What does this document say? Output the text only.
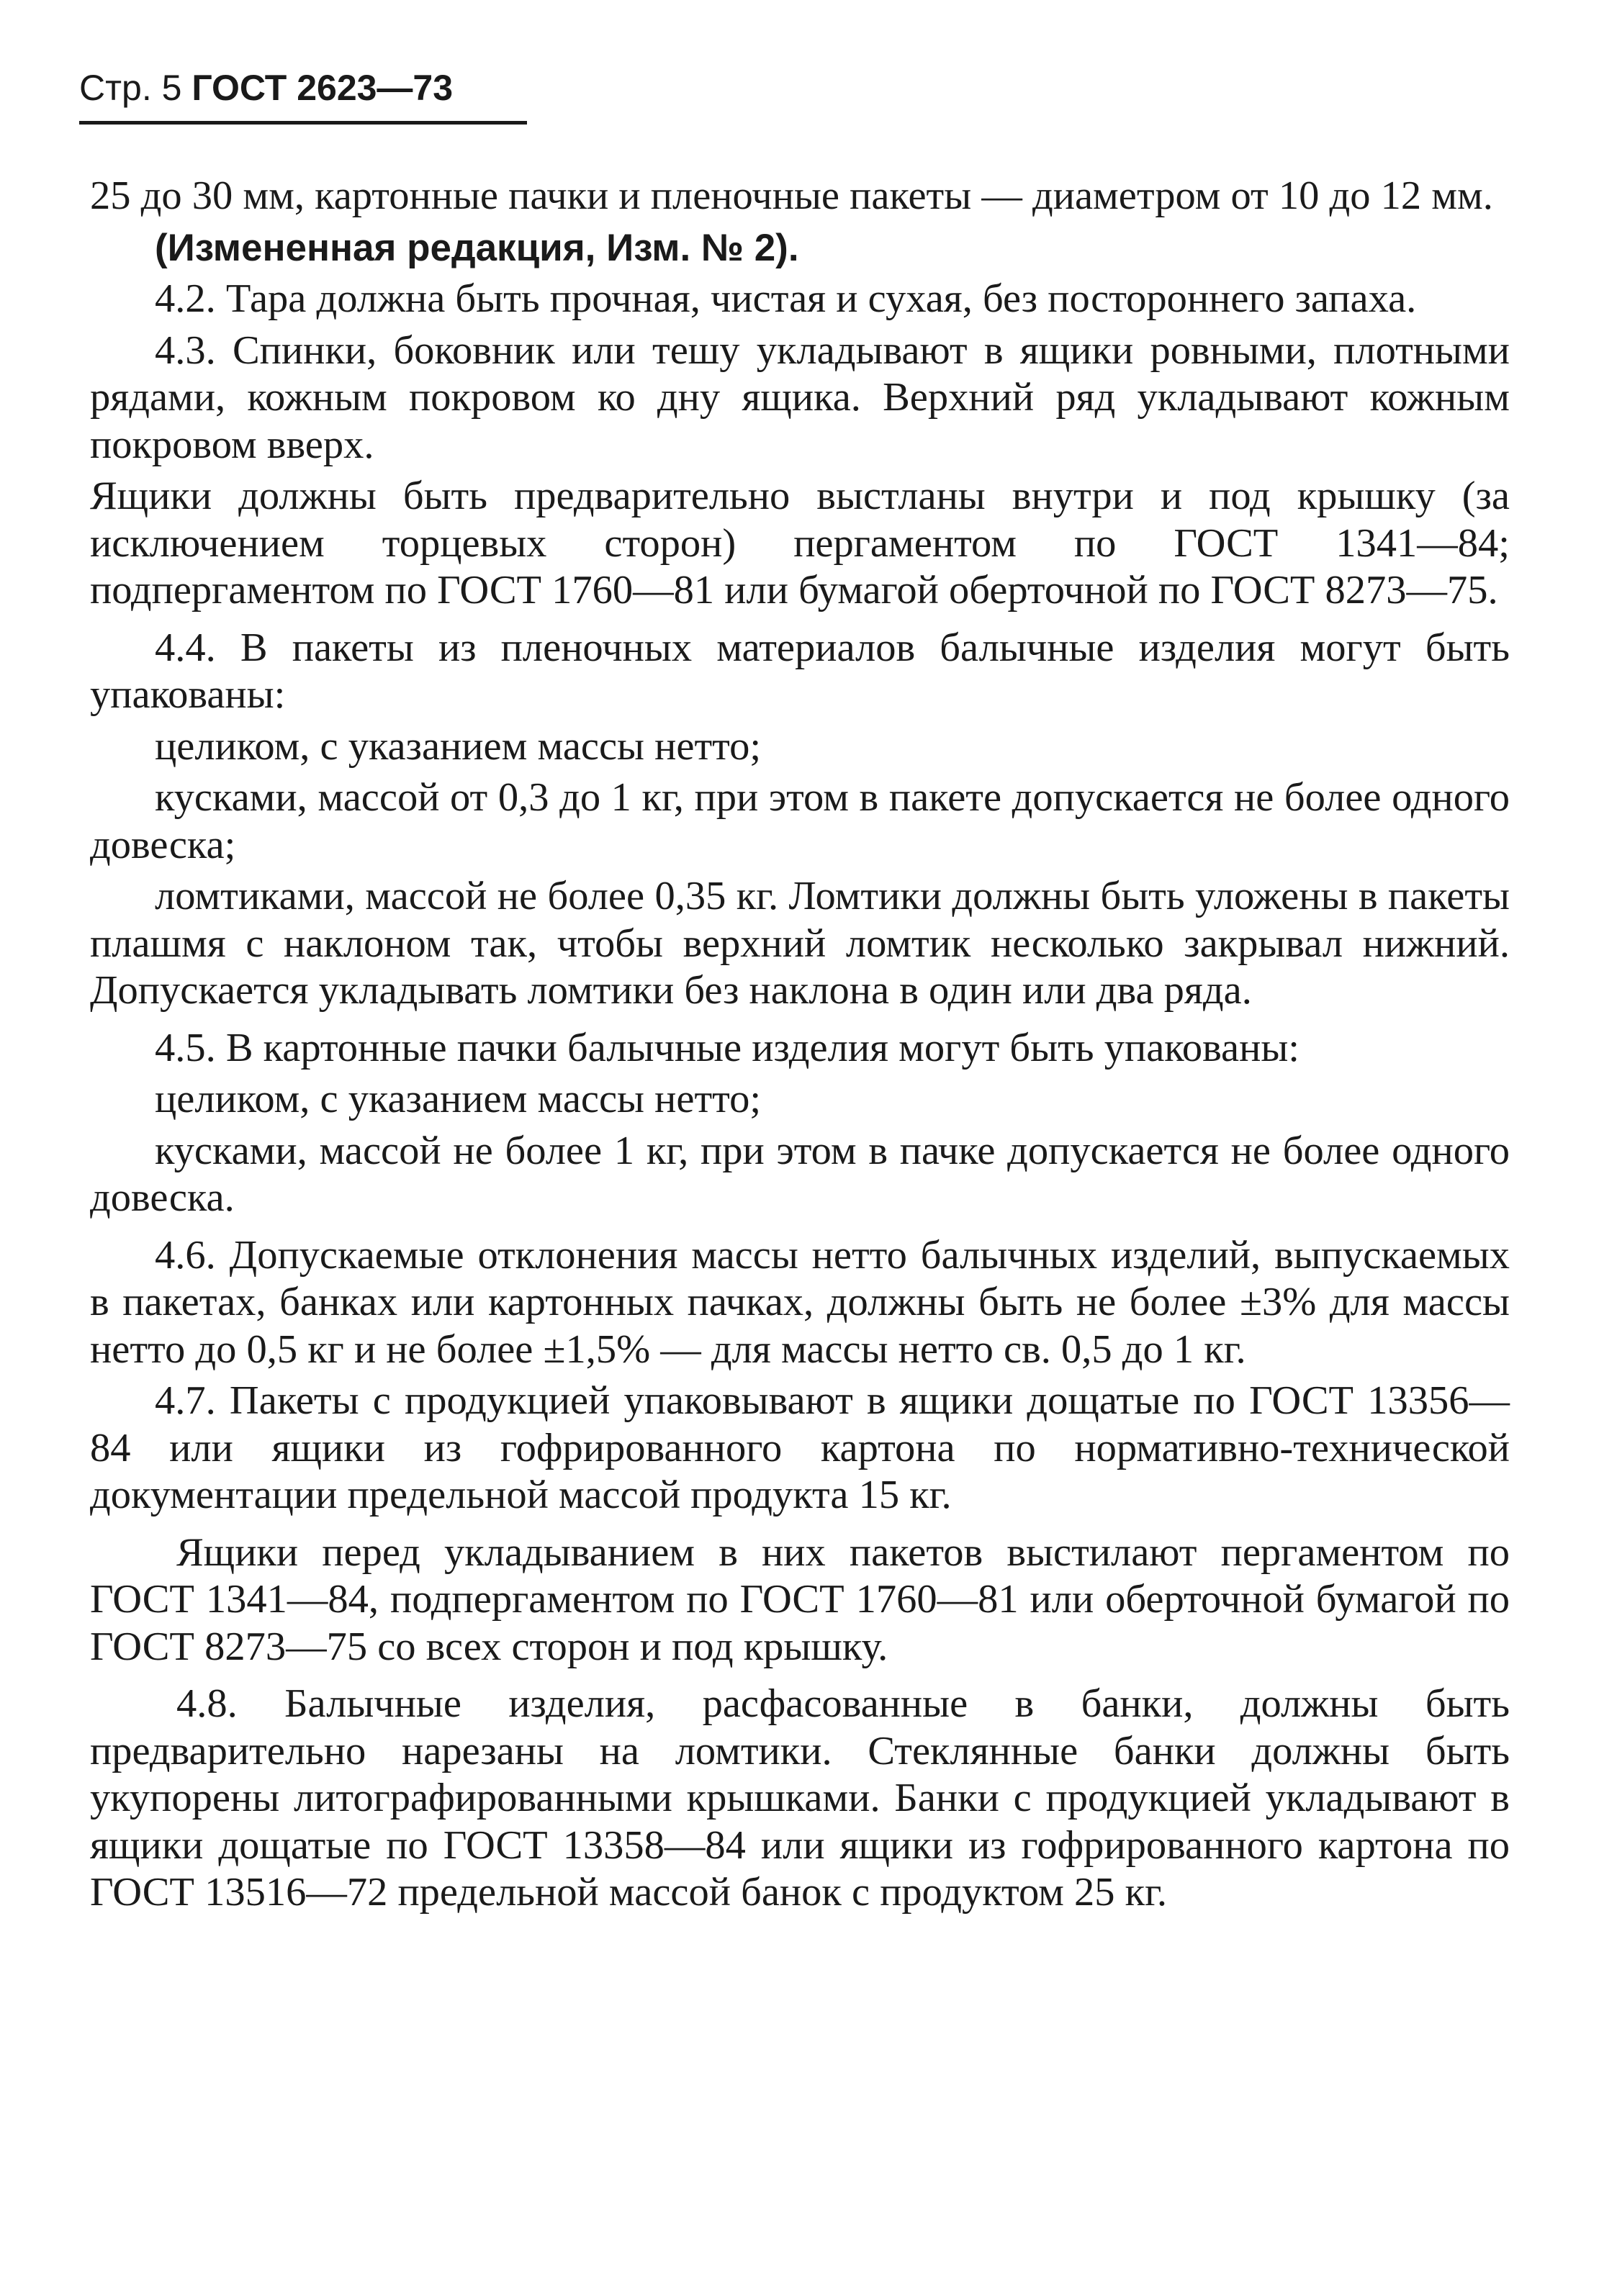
Стр. 5 ГОСТ 2623—73

25 до 30 мм, картонные пачки и пленочные пакеты — диаметром от 10 до 12 мм.

(Измененная редакция, Изм. № 2).

4.2. Тара должна быть прочная, чистая и сухая, без постороннего запаха.

4.3. Спинки, боковник или тешу укладывают в ящики ровными, плотными рядами, кожным покровом ко дну ящика. Верхний ряд укладывают кожным покровом вверх.

Ящики должны быть предварительно выстланы внутри и под крышку (за исключением торцевых сторон) пергаментом по ГОСТ 1341—84; подпергаментом по ГОСТ 1760—81 или бумагой оберточной по ГОСТ 8273—75.

4.4. В пакеты из пленочных материалов балычные изделия могут быть упакованы:

целиком, с указанием массы нетто;

кусками, массой от 0,3 до 1 кг, при этом в пакете допускается не более одного довеска;

ломтиками, массой не более 0,35 кг. Ломтики должны быть уложены в пакеты плашмя с наклоном так, чтобы верхний ломтик несколько закрывал нижний. Допускается укладывать ломтики без наклона в один или два ряда.

4.5. В картонные пачки балычные изделия могут быть упакованы:

целиком, с указанием массы нетто;

кусками, массой не более 1 кг, при этом в пачке допускается не более одного довеска.

4.6. Допускаемые отклонения массы нетто балычных изделий, выпускаемых в пакетах, банках или картонных пачках, должны быть не более ±3% для массы нетто до 0,5 кг и не более ±1,5% — для массы нетто св. 0,5 до 1 кг.

4.7. Пакеты с продукцией упаковывают в ящики дощатые по ГОСТ 13356—84 или ящики из гофрированного картона по нормативно-технической документации предельной массой продукта 15 кг.

Ящики перед укладыванием в них пакетов выстилают пергаментом по ГОСТ 1341—84, подпергаментом по ГОСТ 1760—81 или оберточной бумагой по ГОСТ 8273—75 со всех сторон и под крышку.

4.8. Балычные изделия, расфасованные в банки, должны быть предварительно нарезаны на ломтики. Стеклянные банки должны быть укупорены литографированными крышками. Банки с продукцией укладывают в ящики дощатые по ГОСТ 13358—84 или ящики из гофрированного картона по ГОСТ 13516—72 предельной массой банок с продуктом 25 кг.
